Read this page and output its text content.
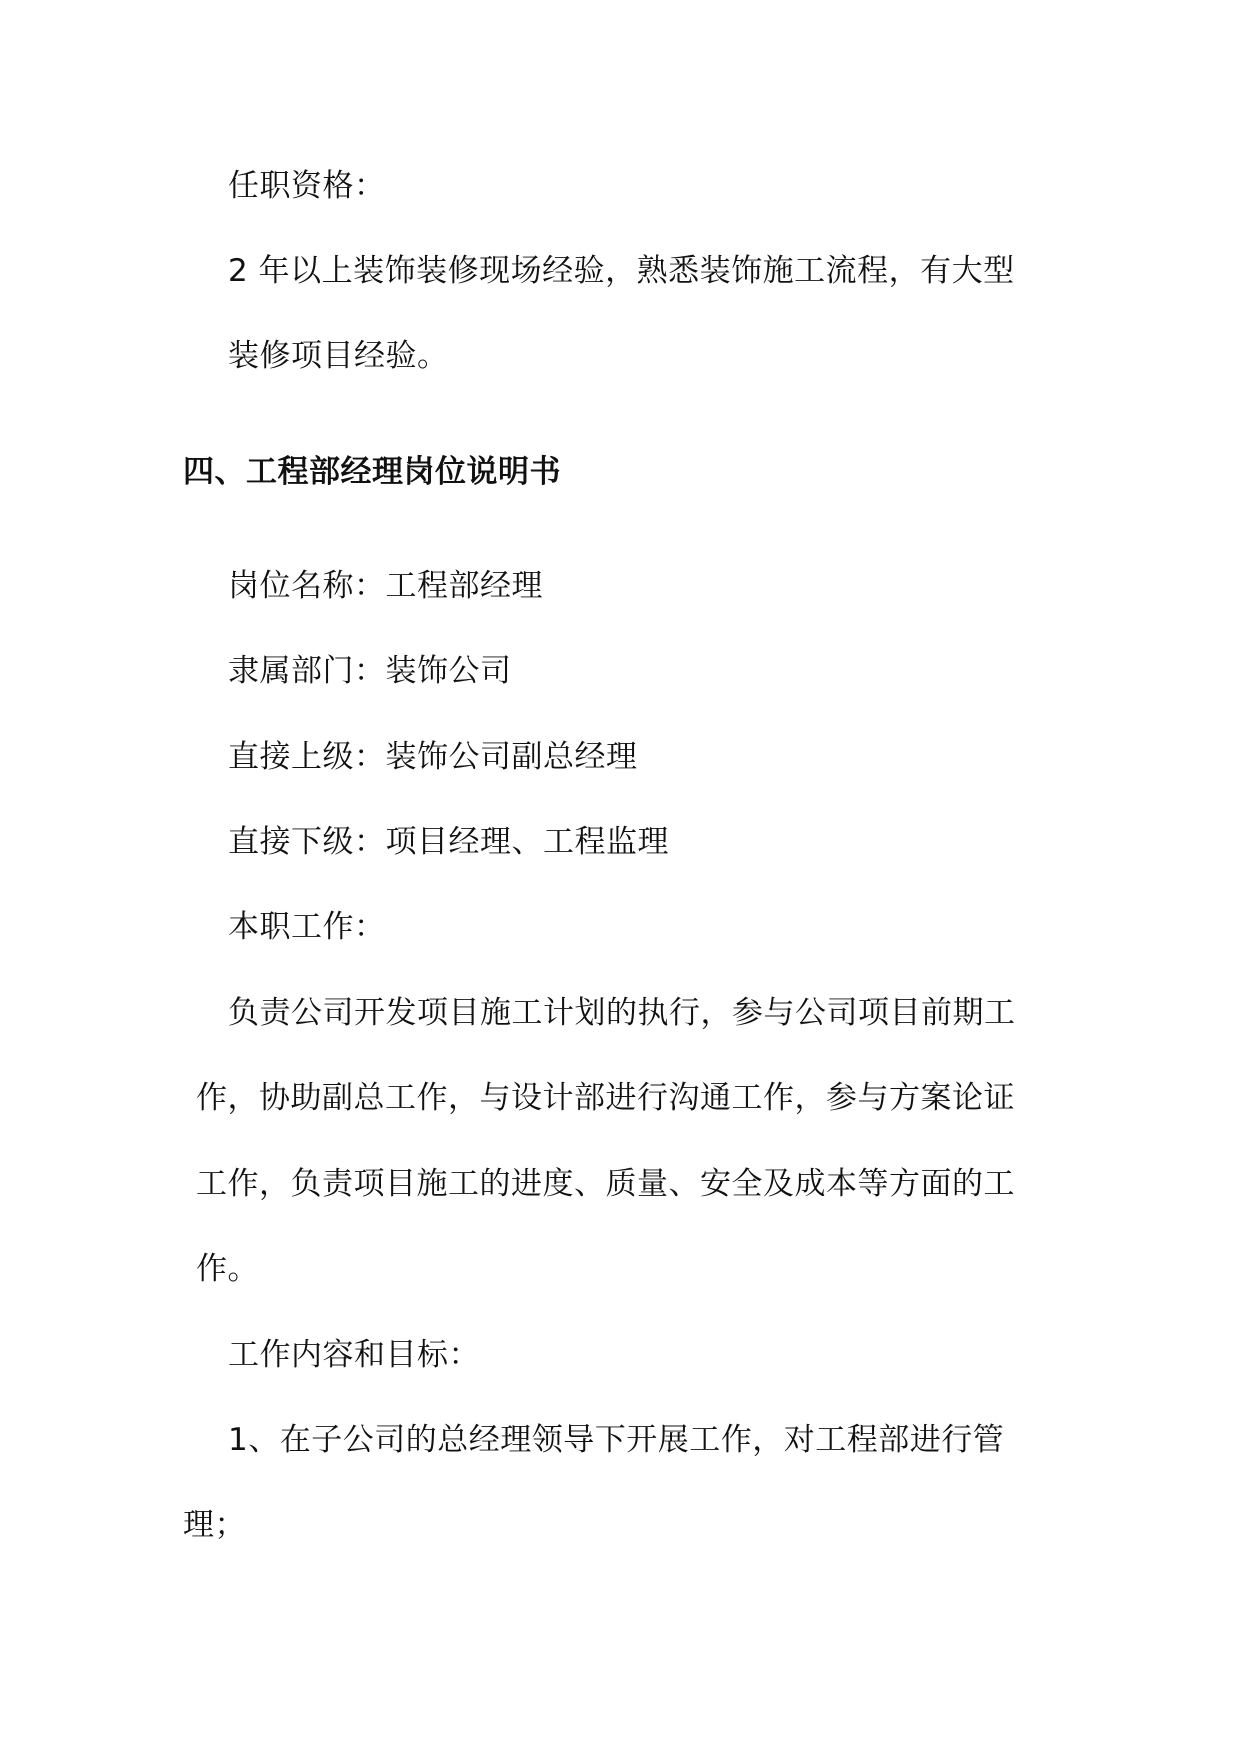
任职资格：
2 年以上装饰装修现场经验，熟悉装饰施工流程，有大型
装修项目经验。
四、工程部经理岗位说明书
岗位名称：工程部经理
隶属部门：装饰公司
直接上级：装饰公司副总经理
直接下级：项目经理、工程监理
本职工作：
负责公司开发项目施工计划的执行，参与公司项目前期工
作，协助副总工作，与设计部进行沟通工作，参与方案论证
工作，负责项目施工的进度、质量、安全及成本等方面的工
作。
工作内容和目标：
1、在子公司的总经理领导下开展工作，对工程部进行管
理；
